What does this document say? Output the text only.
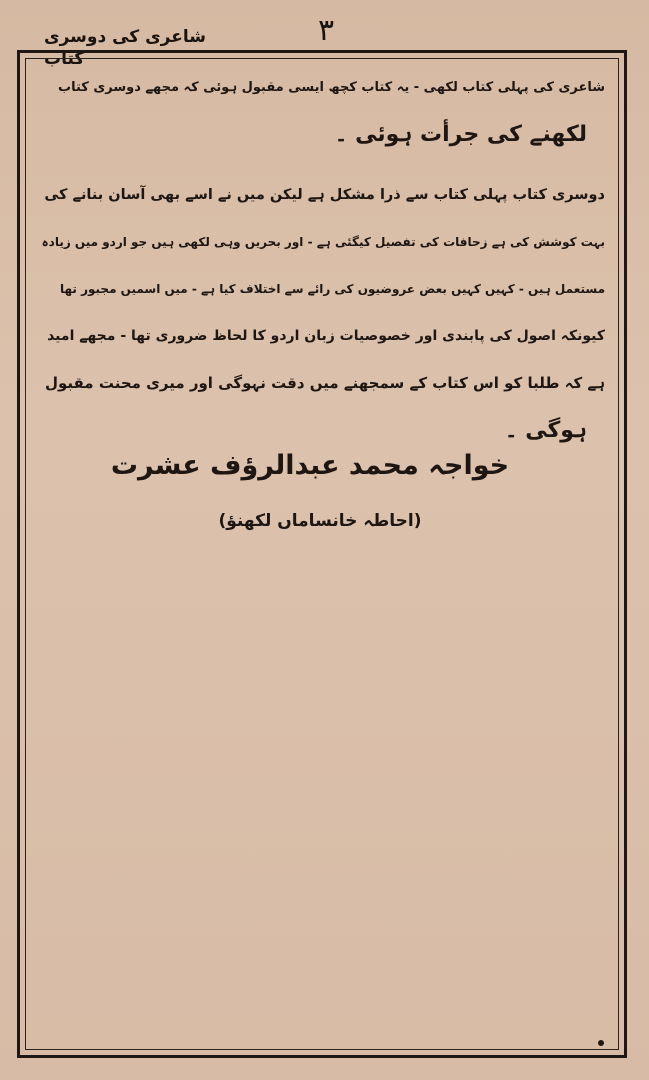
۳
شاعری کی دوسری کتاب
شاعری کی پہلی کتاب لکھی - یہ کتاب کچھ ایسی مقبول ہوئی کہ مجھے دوسری کتاب
لکھنے کی جرأت ہوئی ۔
دوسری کتاب پہلی کتاب سے ذرا مشکل ہے لیکن میں نے اسے بھی آسان بنانے کی
بہت کوشش کی ہے زحافات کی تفصیل کیگئی ہے - اور بحریں وہی لکھی ہیں جو اردو میں زیادہ
مستعمل ہیں - کہیں کہیں بعض عروضیوں کی رائے سے اختلاف کیا ہے - میں اسمیں مجبور تھا
کیونکہ اصول کی پابندی اور خصوصیات زبان اردو کا لحاظ ضروری تھا - مجھے امید
ہے کہ طلبا کو اس کتاب کے سمجھنے میں دقت نہوگی اور میری محنت مقبول
ہوگی ۔
خواجہ محمد عبدالرؤف عشرت
(احاطہ خانساماں لکھنؤ)
